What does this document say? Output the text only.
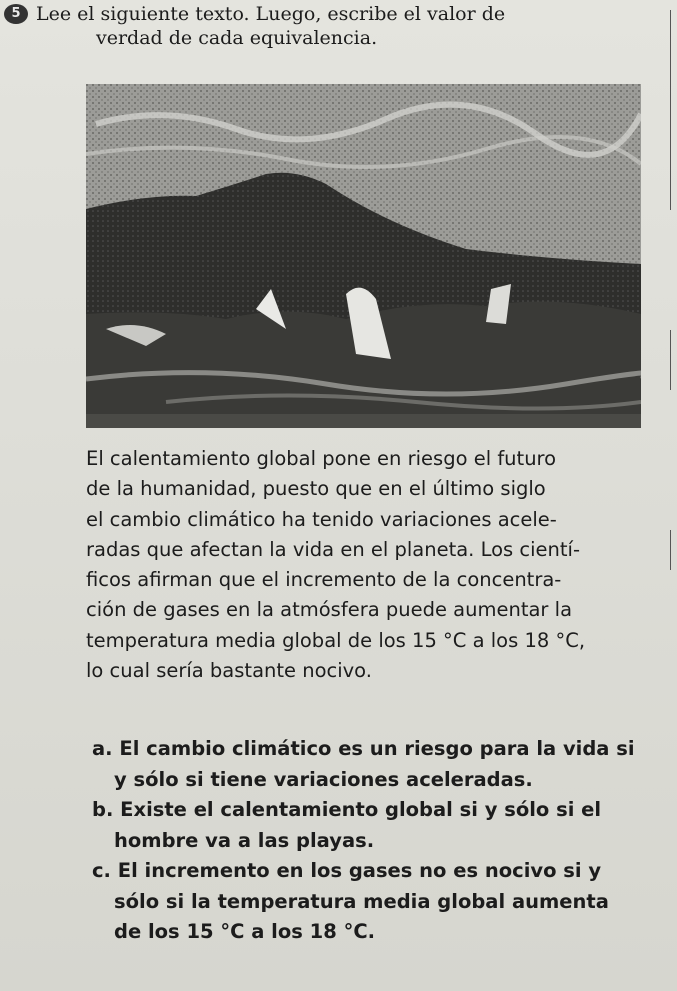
5 Lee el siguiente texto. Luego, escribe el valor de
verdad de cada equivalencia.
El calentamiento global pone en riesgo el futuro
de la humanidad, puesto que en el último siglo
el cambio climático ha tenido variaciones acele-
radas que afectan la vida en el planeta. Los cientí-
ficos afirman que el incremento de la concentra-
ción de gases en la atmósfera puede aumentar la
temperatura media global de los 15 °C a los 18 °C,
lo cual sería bastante nocivo.
a. El cambio climático es un riesgo para la vida si
y sólo si tiene variaciones aceleradas.
b. Existe el calentamiento global si y sólo si el
hombre va a las playas.
c. El incremento en los gases no es nocivo si y
sólo si la temperatura media global aumenta
de los 15 °C a los 18 °C.
